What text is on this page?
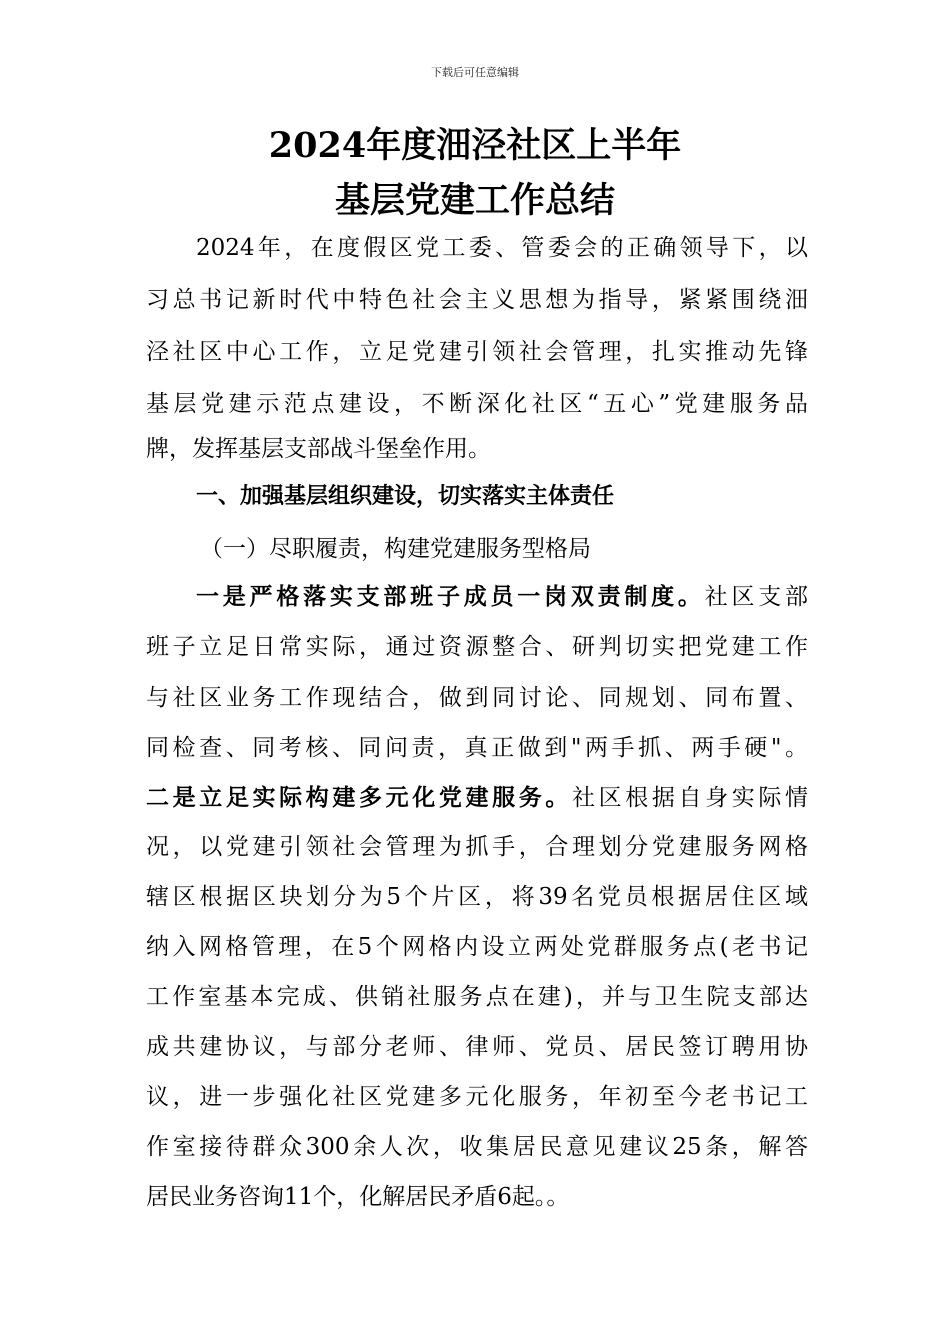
下载后可任意编辑
2024年度沺泾社区上半年
基层党建工作总结
2024年，在度假区党工委、管委会的正确领导下，以
习总书记新时代中特色社会主义思想为指导，紧紧围绕沺
泾社区中心工作，立足党建引领社会管理，扎实推动先锋
基层党建示范点建设，不断深化社区“五心”党建服务品
牌，发挥基层支部战斗堡垒作用。
一、加强基层组织建设，切实落实主体责任
（一）尽职履责，构建党建服务型格局
一是严格落实支部班子成员一岗双责制度。社区支部
班子立足日常实际，通过资源整合、研判切实把党建工作
与社区业务工作现结合，做到同讨论、同规划、同布置、
同检查、同考核、同问责，真正做到"两手抓、两手硬"。
二是立足实际构建多元化党建服务。社区根据自身实际情
况，以党建引领社会管理为抓手，合理划分党建服务网格
辖区根据区块划分为5个片区，将39名党员根据居住区域
纳入网格管理，在5个网格内设立两处党群服务点(老书记
工作室基本完成、供销社服务点在建)，并与卫生院支部达
成共建协议，与部分老师、律师、党员、居民签订聘用协
议，进一步强化社区党建多元化服务，年初至今老书记工
作室接待群众300余人次，收集居民意见建议25条，解答
居民业务咨询11个，化解居民矛盾6起。。
